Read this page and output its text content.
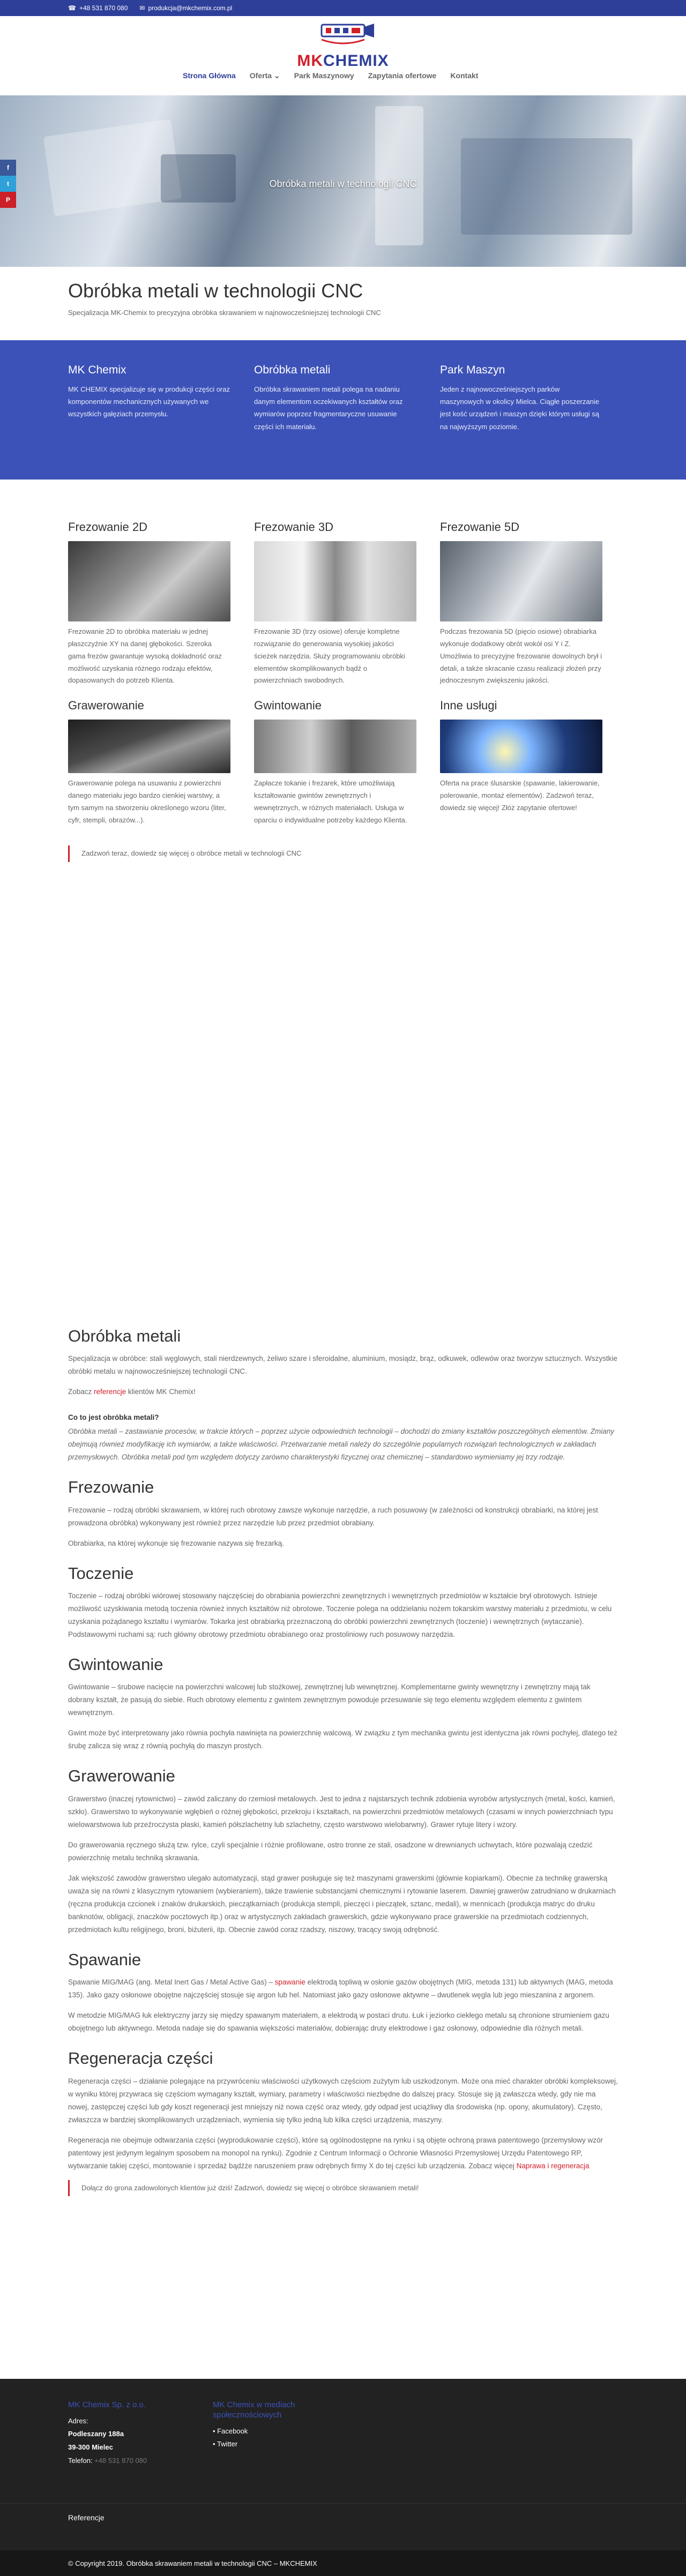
☎ +48 531 870 080 ✉ produkcja@mkchemix.com.pl
MKCHEMIX
Strona Główna Oferta ⌄ Park Maszynowy Zapytania ofertowe Kontakt
Obróbka metali w technologii CNC
f
t
P
Obróbka metali w technologii CNC
Specjalizacja MK-Chemix to precyzyjna obróbka skrawaniem w najnowocześniejszej technologii CNC
MK Chemix

MK CHEMIX specjalizuje się w produkcji części oraz komponentów mechanicznych używanych we wszystkich gałęziach przemysłu.

Obróbka metali

Obróbka skrawaniem metali polega na nadaniu danym elementom oczekiwanych kształtów oraz wymiarów poprzez fragmentaryczne usuwanie części ich materiału.

Park Maszyn

Jeden z najnowocześniejszych parków maszynowych w okolicy Mielca. Ciągłe poszerzanie jest kość urządzeń i maszyn dzięki którym usługi są na najwyższym poziomie.

Frezowanie 2D

Frezowanie 2D to obróbka materiału w jednej płaszczyźnie XY na danej głębokości. Szeroka gama frezów gwarantuje wysoką dokładność oraz możliwość uzyskania różnego rodzaju efektów, dopasowanych do potrzeb Klienta.

Frezowanie 3D

Frezowanie 3D (trzy osiowe) oferuje kompletne rozwiązanie do generowania wysokiej jakości ścieżek narzędzia. Służy programowaniu obróbki elementów skomplikowanych bądź o powierzchniach swobodnych.

Frezowanie 5D

Podczas frezowania 5D (pięcio osiowe) obrabiarka wykonuje dodatkowy obrót wokół osi Y i Z. Umożliwia to precyzyjne frezowanie dowolnych brył i detali, a także skracanie czasu realizacji złożeń przy jednoczesnym zwiększeniu jakości.

Grawerowanie

Grawerowanie polega na usuwaniu z powierzchni danego materiału jego bardzo cienkiej warstwy, a tym samym na stworzeniu określonego wzoru (liter, cyfr, stempli, obrazów...).

Gwintowanie

Zapłacze tokanie i frezarek, które umożliwiają kształtowanie gwintów zewnętrznych i wewnętrznych, w różnych materiałach. Usługa w oparciu o indywidualne potrzeby każdego Klienta.

Inne usługi

Oferta na prace ślusarskie (spawanie, lakierowanie, polerowanie, montaż elementów). Zadzwoń teraz, dowiedz się więcej! Złóż zapytanie ofertowe!

Zadzwoń teraz, dowiedz się więcej o obróbce metali w technologii CNC
Obróbka metali

Specjalizacja w obróbce: stali węglowych, stali nierdzewnych, żeliwo szare i sferoidalne, aluminium, mosiądz, brąz, odkuwek, odlewów oraz tworzyw sztucznych. Wszystkie obróbki metalu w najnowocześniejszej technologii CNC.

Zobacz referencje klientów MK Chemix!

Co to jest obróbka metali?

Obróbka metali – zastawianie procesów, w trakcie których – poprzez użycie odpowiednich technologii – dochodzi do zmiany kształtów poszczególnych elementów. Zmiany obejmują również modyfikację ich wymiarów, a także właściwości. Przetwarzanie metali należy do szczególnie popularnych rozwiązań technologicznych w zakładach przemysłowych. Obróbka metali pod tym względem dotyczy zarówno charakterystyki fizycznej oraz chemicznej – standardowo wymieniamy jej trzy rodzaje.

Frezowanie

Frezowanie – rodzaj obróbki skrawaniem, w której ruch obrotowy zawsze wykonuje narzędzie, a ruch posuwowy (w zależności od konstrukcji obrabiarki, na której jest prowadzona obróbka) wykonywany jest również przez narzędzie lub przez przedmiot obrabiany.

Obrabiarka, na której wykonuje się frezowanie nazywa się frezarką.

Toczenie

Toczenie – rodzaj obróbki wiórowej stosowany najczęściej do obrabiania powierzchni zewnętrznych i wewnętrznych przedmiotów w kształcie brył obrotowych. Istnieje możliwość uzyskiwania metodą toczenia również innych kształtów niż obrotowe. Toczenie polega na oddzielaniu nożem tokarskim warstwy materiału z przedmiotu, w celu uzyskania pożądanego kształtu i wymiarów. Tokarka jest obrabiarką przeznaczoną do obróbki powierzchni zewnętrznych (toczenie) i wewnętrznych (wytaczanie). Podstawowymi ruchami są: ruch główny obrotowy przedmiotu obrabianego oraz prostoliniowy ruch posuwowy narzędzia.

Gwintowanie

Gwintowanie – śrubowe nacięcie na powierzchni walcowej lub stożkowej, zewnętrznej lub wewnętrznej. Komplementarne gwinty wewnętrzny i zewnętrzny mają tak dobrany kształt, że pasują do siebie. Ruch obrotowy elementu z gwintem zewnętrznym powoduje przesuwanie się tego elementu względem elementu z gwintem wewnętrznym.

Gwint może być interpretowany jako równia pochyła nawinięta na powierzchnię walcową. W związku z tym mechanika gwintu jest identyczna jak równi pochyłej, dlatego też śrubę zalicza się wraz z równią pochyłą do maszyn prostych.

Grawerowanie

Grawerstwo (inaczej rytownictwo) – zawód zaliczany do rzemiosł metalowych. Jest to jedna z najstarszych technik zdobienia wyrobów artystycznych (metal, kości, kamień, szkło). Grawerstwo to wykonywanie wgłębień o różnej głębokości, przekroju i kształtach, na powierzchni przedmiotów metalowych (czasami w innych powierzchniach typu wielowarstwowa lub przeźroczysta płaski, kamień półszlachetny lub szlachetny, często warstwowo wielobarwny). Grawer rytuje litery i wzory.

Do grawerowania ręcznego służą tzw. rylce, czyli specjalnie i różnie profilowane, ostro tronne ze stali, osadzone w drewnianych uchwytach, które pozwalają czedzić powierzchnię metalu techniką skrawania.

Jak większość zawodów grawerstwo ulegało automatyzacji, stąd grawer posługuje się też maszynami grawerskimi (głównie kopiarkami). Obecnie za technikę grawerską uważa się na równi z klasycznym rytowaniem (wybieraniem), także trawienie substancjami chemicznymi i rytowanie laserem. Dawniej grawerów zatrudniano w drukarniach (ręczna produkcja czcionek i znaków drukarskich, pieczątkarniach (produkcja stempli, pieczęci i pieczątek, sztanc, medali), w mennicach (produkcja matryc do druku banknotów, obligacji, znaczków pocztowych itp.) oraz w artystycznych zakładach grawerskich, gdzie wykonywano prace grawerskie na przedmiotach codziennych, przedmiotach kultu religijnego, broni, biżuterii, itp. Obecnie zawód coraz rzadszy, niszowy, tracący swoją odrębność.

Spawanie

Spawanie MIG/MAG (ang. Metal Inert Gas / Metal Active Gas) – spawanie elektrodą topliwą w osłonie gazów obojętnych (MIG, metoda 131) lub aktywnych (MAG, metoda 135). Jako gazy osłonowe obojętne najczęściej stosuje się argon lub hel. Natomiast jako gazy osłonowe aktywne – dwutlenek węgla lub jego mieszanina z argonem.

W metodzie MIG/MAG łuk elektryczny jarzy się między spawanym materiałem, a elektrodą w postaci drutu. Łuk i jeziorko ciekłego metalu są chronione strumieniem gazu obojętnego lub aktywnego. Metoda nadaje się do spawania większości materiałów, dobierając druty elektrodowe i gaz osłonowy, odpowiednie dla różnych metali.

Regeneracja części

Regeneracja części – działanie polegające na przywróceniu właściwości użytkowych częściom zużytym lub uszkodzonym. Może ona mieć charakter obróbki kompleksowej, w wyniku której przywraca się częściom wymagany kształt, wymiary, parametry i właściwości niezbędne do dalszej pracy. Stosuje się ją zwłaszcza wtedy, gdy nie ma nowej, zastępczej części lub gdy koszt regeneracji jest mniejszy niż nowa część oraz wtedy, gdy odpad jest uciążliwy dla środowiska (np. opony, akumulatory). Często, zwłaszcza w bardziej skomplikowanych urządzeniach, wymienia się tylko jedną lub kilka części urządzenia, maszyny.

Regeneracja nie obejmuje odtwarzania części (wyprodukowanie części), które są ogólnodostępne na rynku i są objęte ochroną prawa patentowego (przemysłowy wzór patentowy jest jedynym legalnym sposobem na monopol na rynku). Zgodnie z Centrum Informacji o Ochronie Własności Przemysłowej Urzędu Patentowego RP, wytwarzanie takiej części, montowanie i sprzedaż bądźże naruszeniem praw odrębnych firmy X do tej części lub urządzenia. Zobacz więcej Naprawa i regeneracja

Dołącz do grona zadowolonych klientów już dziś! Zadzwoń, dowiedz się więcej o obróbce skrawaniem metali!
MK Chemix Sp. z o.o.
Adres:
Podleszany 188a
39-300 Mielec
Telefon: +48 531 870 080
MK Chemix w mediach społecznościowych
• Facebook
• Twitter
Referencje
© Copyright 2019. Obróbka skrawaniem metali w technologii CNC – MKCHEMIX
